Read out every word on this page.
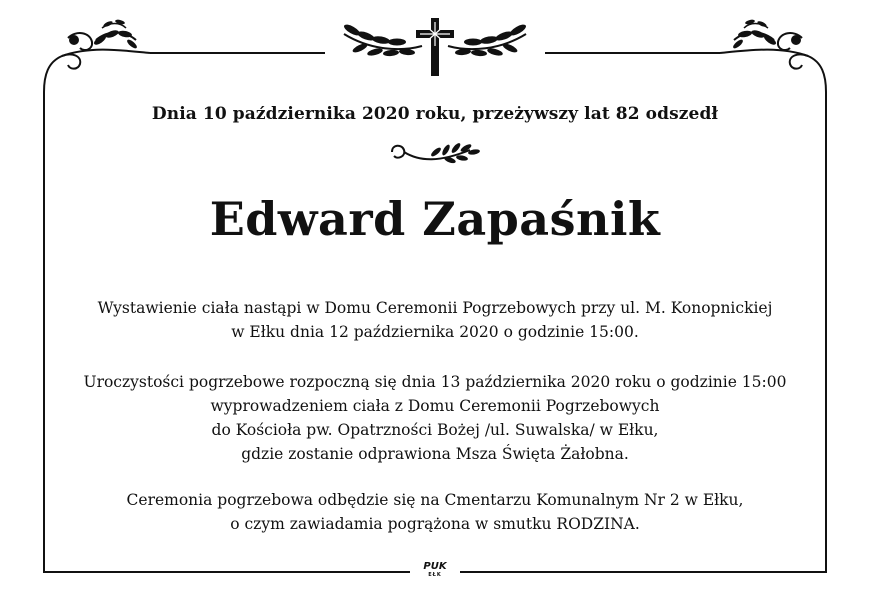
Dnia 10 października 2020 roku, przeżywszy lat 82 odszedł
Edward Zapaśnik
Wystawienie ciała nastąpi w Domu Ceremonii Pogrzebowych przy ul. M. Konopnickiej
w Ełku dnia 12 października 2020 o godzinie 15:00.
Uroczystości pogrzebowe rozpoczną się dnia 13 października 2020 roku o godzinie 15:00
wyprowadzeniem ciała z Domu Ceremonii Pogrzebowych
do Kościoła pw. Opatrzności Bożej /ul. Suwalska/ w Ełku,
gdzie zostanie odprawiona Msza Święta Żałobna.
Ceremonia pogrzebowa odbędzie się na Cmentarzu Komunalnym Nr 2 w Ełku,
o czym zawiadamia pogrążona w smutku RODZINA.
PUK
EŁK
